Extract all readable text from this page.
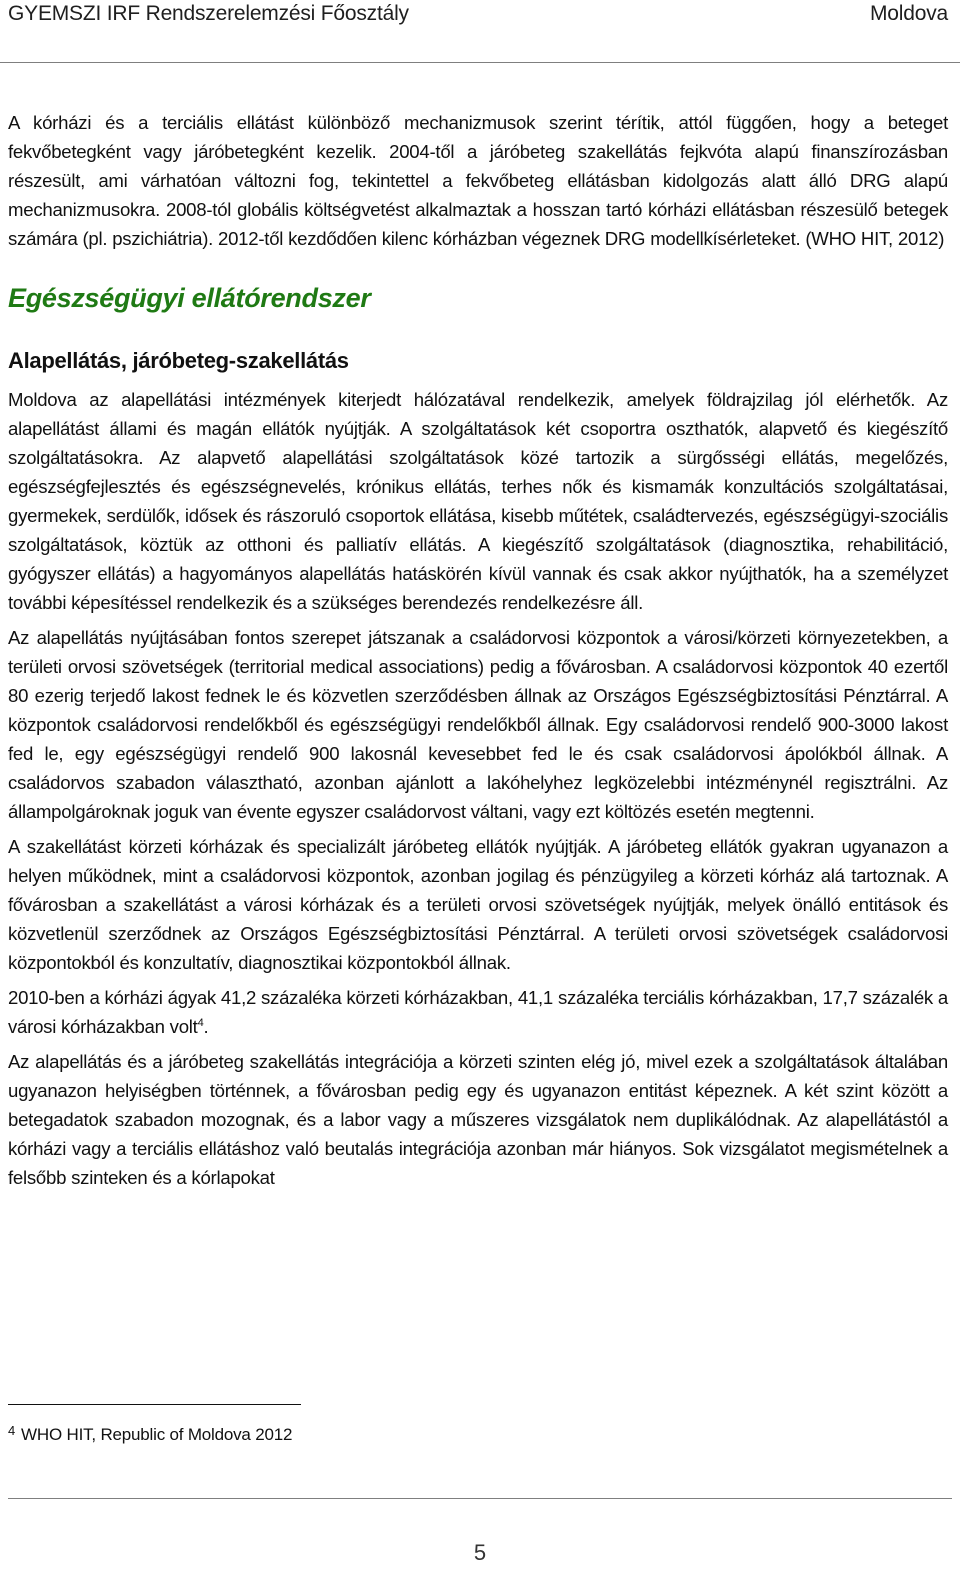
GYEMSZI IRF Rendszerelemzési Főosztály	Moldova

A kórházi és a terciális ellátást különböző mechanizmusok szerint térítik, attól függően, hogy a beteget fekvőbetegként vagy járóbetegként kezelik. 2004-től a járóbeteg szakellátás fejkvóta alapú finanszírozásban részesült, ami várhatóan változni fog, tekintettel a fekvőbeteg ellátásban kidolgozás alatt álló DRG alapú mechanizmusokra. 2008-tól globális költségvetést alkalmaztak a hosszan tartó kórházi ellátásban részesülő betegek számára (pl. pszichiátria). 2012-től kezdődően kilenc kórházban végeznek DRG modellkísérleteket. (WHO HIT, 2012)

Egészségügyi ellátórendszer
Alapellátás, járóbeteg-szakellátás

Moldova az alapellátási intézmények kiterjedt hálózatával rendelkezik, amelyek földrajzilag jól elérhetők. Az alapellátást állami és magán ellátók nyújtják. A szolgáltatások két csoportra oszthatók, alapvető és kiegészítő szolgáltatásokra. Az alapvető alapellátási szolgáltatások közé tartozik a sürgősségi ellátás, megelőzés, egészségfejlesztés és egészségnevelés, krónikus ellátás, terhes nők és kismamák konzultációs szolgáltatásai, gyermekek, serdülők, idősek és rászoruló csoportok ellátása, kisebb műtétek, családtervezés, egészségügyi-szociális szolgáltatások, köztük az otthoni és palliatív ellátás. A kiegészítő szolgáltatások (diagnosztika, rehabilitáció, gyógyszer ellátás) a hagyományos alapellátás hatáskörén kívül vannak és csak akkor nyújthatók, ha a személyzet további képesítéssel rendelkezik és a szükséges berendezés rendelkezésre áll.

Az alapellátás nyújtásában fontos szerepet játszanak a családorvosi központok a városi/körzeti környezetekben, a területi orvosi szövetségek (territorial medical associations) pedig a fővárosban. A családorvosi központok 40 ezertől 80 ezerig terjedő lakost fednek le és közvetlen szerződésben állnak az Országos Egészségbiztosítási Pénztárral. A központok családorvosi rendelőkből és egészségügyi rendelőkből állnak. Egy családorvosi rendelő 900-3000 lakost fed le, egy egészségügyi rendelő 900 lakosnál kevesebbet fed le és csak családorvosi ápolókból állnak. A családorvos szabadon választható, azonban ajánlott a lakóhelyhez legközelebbi intézménynél regisztrálni. Az állampolgároknak joguk van évente egyszer családorvost váltani, vagy ezt költözés esetén megtenni.

A szakellátást körzeti kórházak és specializált járóbeteg ellátók nyújtják. A járóbeteg ellátók gyakran ugyanazon a helyen működnek, mint a családorvosi központok, azonban jogilag és pénzügyileg a körzeti kórház alá tartoznak. A fővárosban a szakellátást a városi kórházak és a területi orvosi szövetségek nyújtják, melyek önálló entitások és közvetlenül szerződnek az Országos Egészségbiztosítási Pénztárral. A területi orvosi szövetségek családorvosi központokból és konzultatív, diagnosztikai központokból állnak.

2010-ben a kórházi ágyak 41,2 százaléka körzeti kórházakban, 41,1 százaléka terciális kórházakban, 17,7 százalék a városi kórházakban volt$^4$.

Az alapellátás és a járóbeteg szakellátás integrációja a körzeti szinten elég jó, mivel ezek a szolgáltatások általában ugyanazon helyiségben történnek, a fővárosban pedig egy és ugyanazon entitást képeznek. A két szint között a betegadatok szabadon mozognak, és a labor vagy a műszeres vizsgálatok nem duplikálódnak. Az alapellátástól a kórházi vagy a terciális ellátáshoz való beutalás integrációja azonban már hiányos. Sok vizsgálatot megismételnek a felsőbb szinteken és a kórlapokat

$^4$ WHO HIT, Republic of Moldova 2012
5
